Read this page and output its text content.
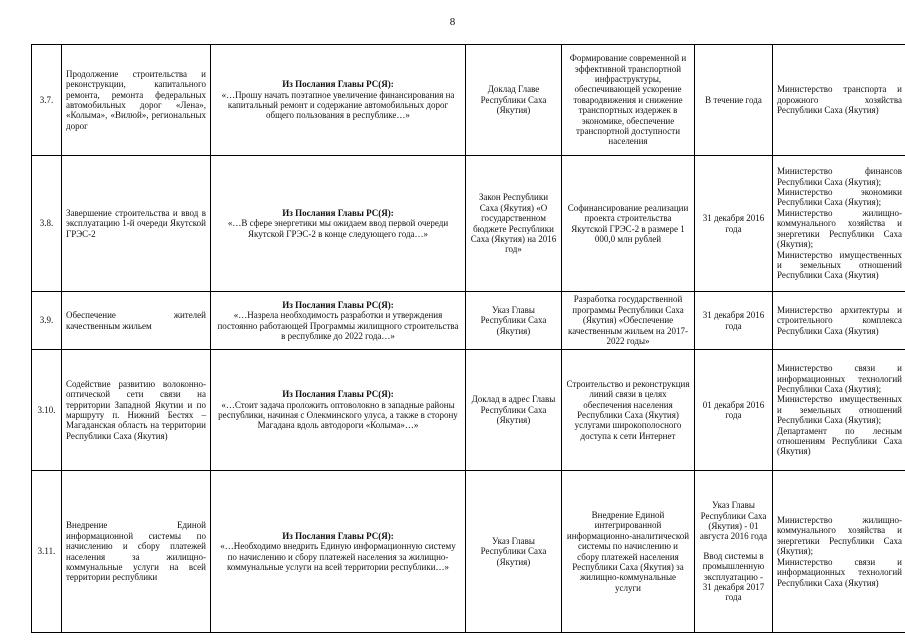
8
3.7.	Продолжение строительства и реконструкции, капитального ремонта, ремонта федеральных автомобильных дорог «Лена», «Колыма», «Вилюй», региональных дорог	Из Послания Главы РС(Я):
«…Прошу начать поэтапное увеличение финансирования на капитальный ремонт и содержание автомобильных дорог общего пользования в республике…»	Доклад Главе Республики Саха (Якутия)	Формирование современной и эффективной транспортной инфраструктуры, обеспечивающей ускорение товародвижения и снижение транспортных издержек в экономике, обеспечение транспортной доступности населения	В течение года	Министерство транспорта и дорожного хозяйства Республики Саха (Якутия)

3.8.	Завершение строительства и ввод в эксплуатацию 1-й очереди Якутской ГРЭС-2	Из Послания Главы РС(Я):
«…В сфере энергетики мы ожидаем ввод первой очереди Якутской ГРЭС-2 в конце следующего года…»	Закон Республики Саха (Якутия) «О государственном бюджете Республики Саха (Якутия) на 2016 год»	Софинансирование реализации проекта строительства Якутской ГРЭС-2 в размере 1 000,0 млн рублей	31 декабря 2016 года	Министерство финансов Республики Саха (Якутия);
Министерство экономики Республики Саха (Якутия);
Министерство жилищно-коммунального хозяйства и энергетики Республики Саха (Якутия);
Министерство имущественных и земельных отношений Республики Саха (Якутия)

3.9.	Обеспечение жителей качественным жильем	Из Послания Главы РС(Я):
«…Назрела необходимость разработки и утверждения постоянно работающей Программы жилищного строительства в республике до 2022 года…»	Указ Главы Республики Саха (Якутия)	Разработка государственной программы Республики Саха (Якутия) «Обеспечение качественным жильем на 2017-2022 годы»	31 декабря 2016 года	Министерство архитектуры и строительного комплекса Республики Саха (Якутия)

3.10.	Содействие развитию волоконно-оптической сети связи на территории Западной Якутии и по маршруту п. Нижний Бестях – Магаданская область на территории Республики Саха (Якутия)	Из Послания Главы РС(Я):
«…Стоит задача проложить оптоволокно в западные районы республики, начиная с Олекминского улуса, а также в сторону Магадана вдоль автодороги «Колыма»…»	Доклад в адрес Главы Республики Саха (Якутия)	Строительство и реконструкция линий связи в целях обеспечения населения Республики Саха (Якутия) услугами широкополосного доступа к сети Интернет	01 декабря 2016 года	Министерство связи и информационных технологий Республики Саха (Якутия);
Министерство имущественных и земельных отношений Республики Саха (Якутия);
Департамент по лесным отношениям Республики Саха (Якутия)

3.11.	Внедрение Единой информационной системы по начислению и сбору платежей населения за жилищно-коммунальные услуги на всей территории республики	Из Послания Главы РС(Я):
«…Необходимо внедрить Единую информационную систему по начислению и сбору платежей населения за жилищно-коммунальные услуги на всей территории республики…»	Указ Главы Республики Саха (Якутия)	Внедрение Единой интегрированной информационно-аналитической системы по начислению и сбору платежей населения Республики Саха (Якутия) за жилищно-коммунальные услуги	Указ Главы Республики Саха (Якутия) - 01 августа 2016 года
Ввод системы в промышленную эксплуатацию - 31 декабря 2017 года	Министерство жилищно-коммунального хозяйства и энергетики Республики Саха (Якутия);
Министерство связи и информационных технологий Республики Саха (Якутия)
